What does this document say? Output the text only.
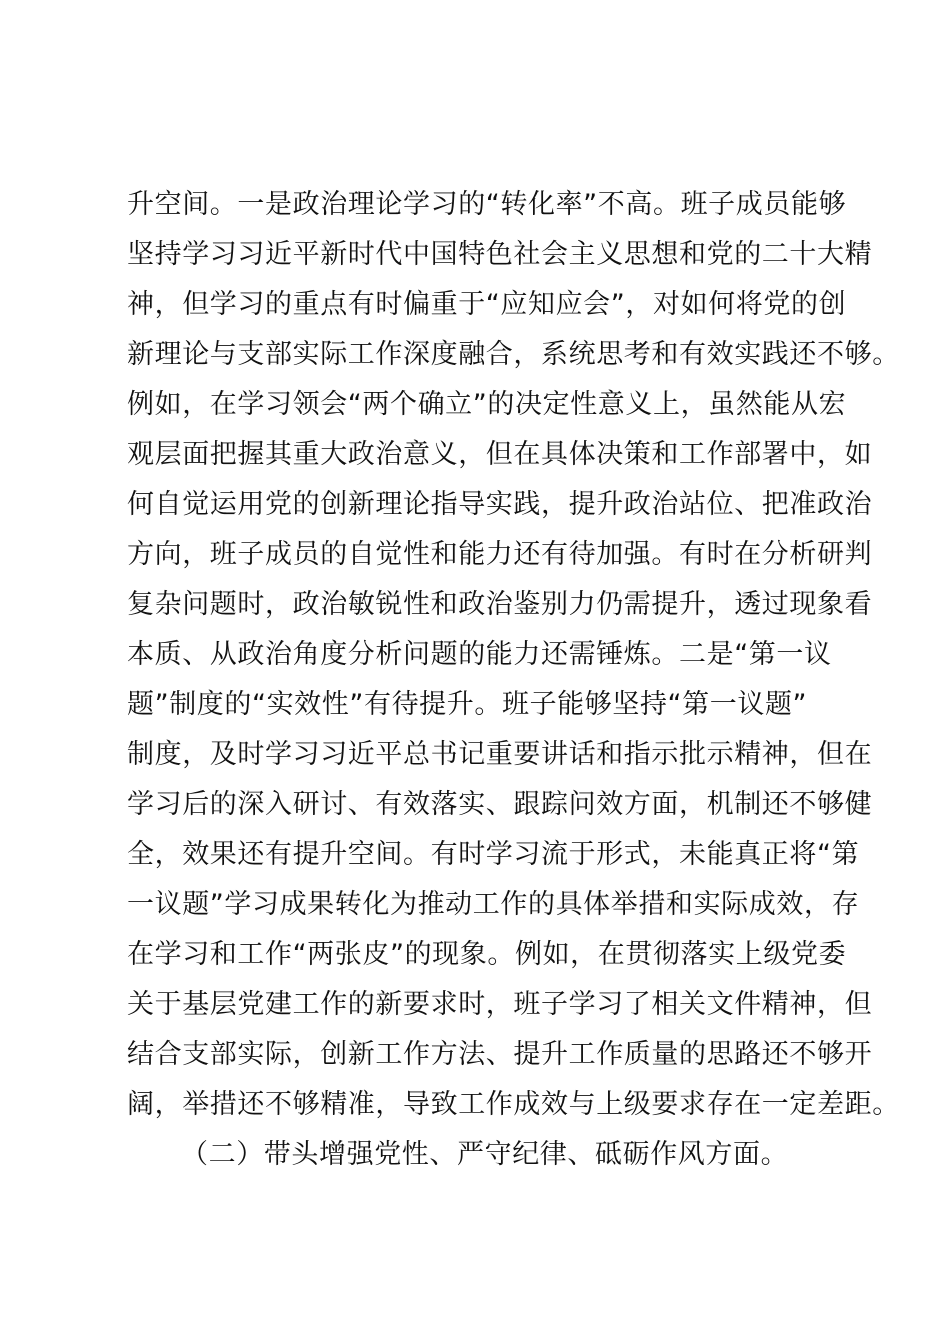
升空间。一是政治理论学习的“转化率”不高。班子成员能够
坚持学习习近平新时代中国特色社会主义思想和党的二十大精
神，但学习的重点有时偏重于“应知应会”，对如何将党的创
新理论与支部实际工作深度融合，系统思考和有效实践还不够。
例如，在学习领会“两个确立”的决定性意义上，虽然能从宏
观层面把握其重大政治意义，但在具体决策和工作部署中，如
何自觉运用党的创新理论指导实践，提升政治站位、把准政治
方向，班子成员的自觉性和能力还有待加强。有时在分析研判
复杂问题时，政治敏锐性和政治鉴别力仍需提升，透过现象看
本质、从政治角度分析问题的能力还需锤炼。二是“第一议
题”制度的“实效性”有待提升。班子能够坚持“第一议题”
制度，及时学习习近平总书记重要讲话和指示批示精神，但在
学习后的深入研讨、有效落实、跟踪问效方面，机制还不够健
全，效果还有提升空间。有时学习流于形式，未能真正将“第
一议题”学习成果转化为推动工作的具体举措和实际成效，存
在学习和工作“两张皮”的现象。例如，在贯彻落实上级党委
关于基层党建工作的新要求时，班子学习了相关文件精神，但
结合支部实际，创新工作方法、提升工作质量的思路还不够开
阔，举措还不够精准，导致工作成效与上级要求存在一定差距。
（二）带头增强党性、严守纪律、砥砺作风方面。
